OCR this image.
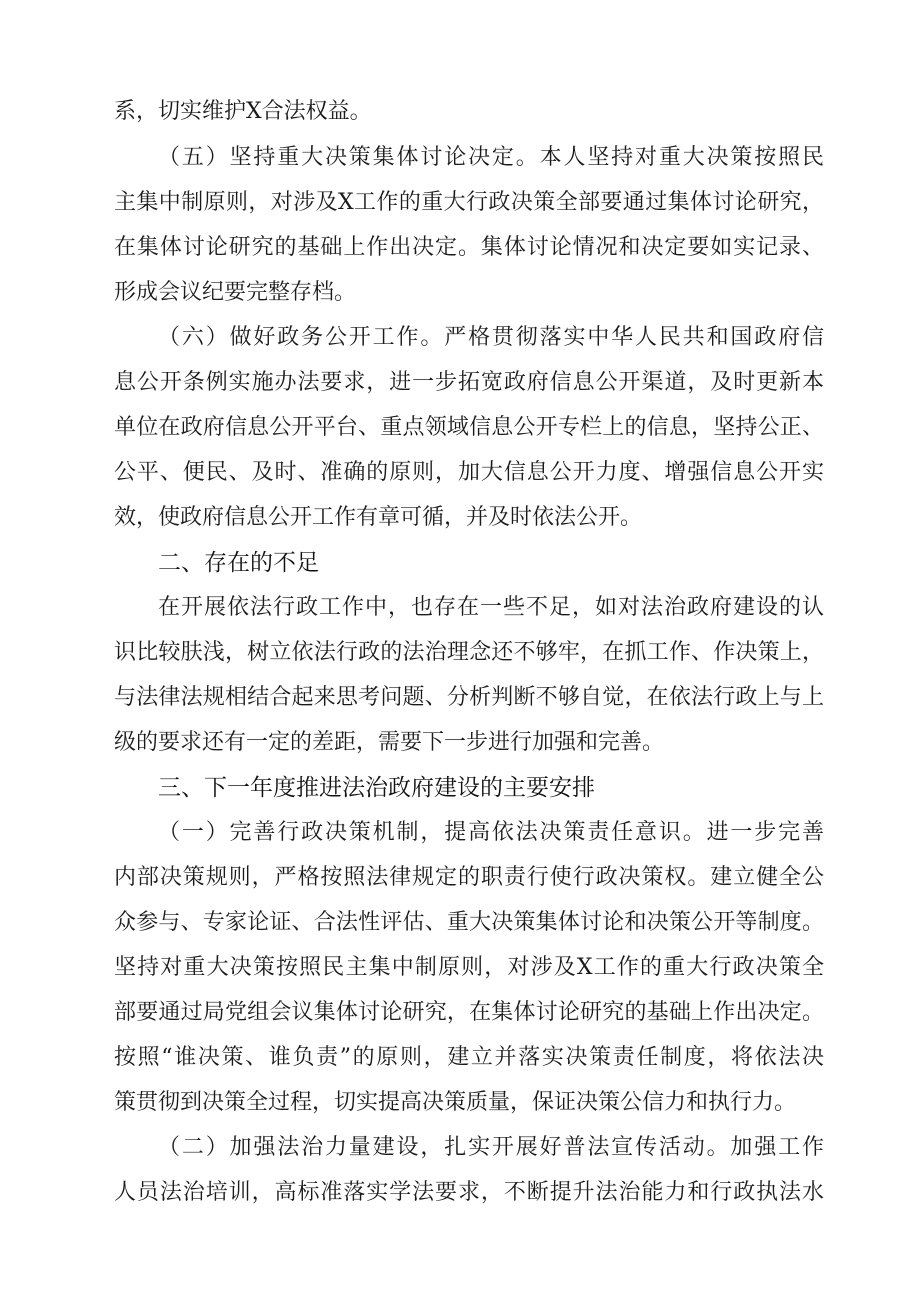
系，切实维护X合法权益。
（五）坚持重大决策集体讨论决定。本人坚持对重大决策按照民
主集中制原则，对涉及X工作的重大行政决策全部要通过集体讨论研究，
在集体讨论研究的基础上作出决定。集体讨论情况和决定要如实记录、
形成会议纪要完整存档。
（六）做好政务公开工作。严格贯彻落实中华人民共和国政府信
息公开条例实施办法要求，进一步拓宽政府信息公开渠道，及时更新本
单位在政府信息公开平台、重点领域信息公开专栏上的信息，坚持公正、
公平、便民、及时、准确的原则，加大信息公开力度、增强信息公开实
效，使政府信息公开工作有章可循，并及时依法公开。
二、存在的不足
在开展依法行政工作中，也存在一些不足，如对法治政府建设的认
识比较肤浅，树立依法行政的法治理念还不够牢，在抓工作、作决策上，
与法律法规相结合起来思考问题、分析判断不够自觉，在依法行政上与上
级的要求还有一定的差距，需要下一步进行加强和完善。
三、下一年度推进法治政府建设的主要安排
（一）完善行政决策机制，提高依法决策责任意识。进一步完善
内部决策规则，严格按照法律规定的职责行使行政决策权。建立健全公
众参与、专家论证、合法性评估、重大决策集体讨论和决策公开等制度。
坚持对重大决策按照民主集中制原则，对涉及X工作的重大行政决策全
部要通过局党组会议集体讨论研究，在集体讨论研究的基础上作出决定。
按照“谁决策、谁负责”的原则，建立并落实决策责任制度，将依法决
策贯彻到决策全过程，切实提高决策质量，保证决策公信力和执行力。
（二）加强法治力量建设，扎实开展好普法宣传活动。加强工作
人员法治培训，高标准落实学法要求，不断提升法治能力和行政执法水
